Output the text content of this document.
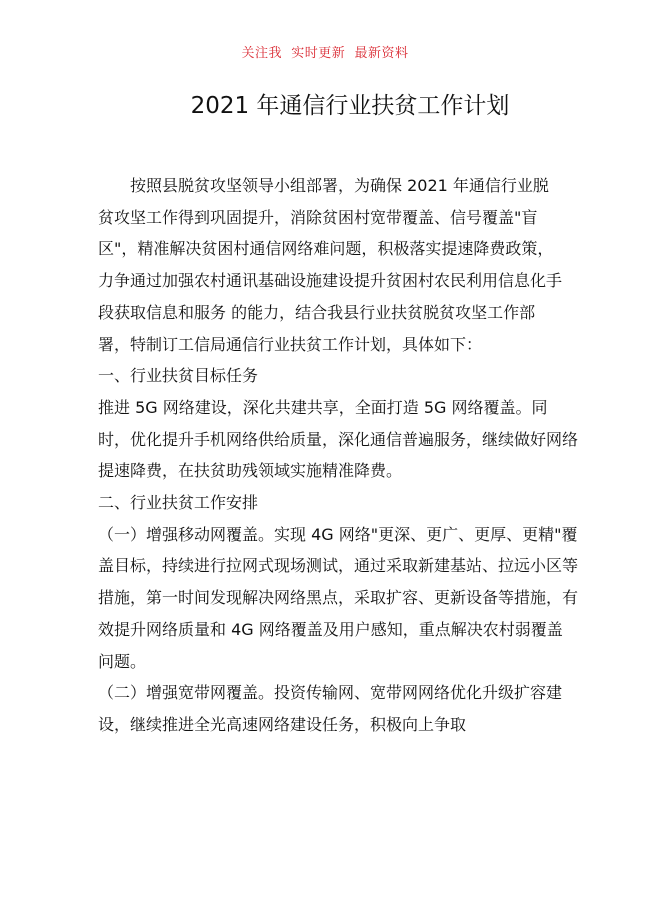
关注我  实时更新  最新资料
2021 年通信行业扶贫工作计划

按照县脱贫攻坚领导小组部署，为确保 2021 年通信行业脱贫攻坚工作得到巩固提升，消除贫困村宽带覆盖、信号覆盖"盲区"，精准解决贫困村通信网络难问题，积极落实提速降费政策，力争通过加强农村通讯基础设施建设提升贫困村农民利用信息化手段获取信息和服务 的能力，结合我县行业扶贫脱贫攻坚工作部署，特制订工信局通信行业扶贫工作计划，具体如下：

一、行业扶贫目标任务

推进 5G 网络建设，深化共建共享，全面打造 5G 网络覆盖。同时，优化提升手机网络供给质量，深化通信普遍服务，继续做好网络提速降费，在扶贫助残领域实施精准降费。

二、行业扶贫工作安排

（一）增强移动网覆盖。实现 4G 网络"更深、更广、更厚、更精"覆盖目标，持续进行拉网式现场测试，通过采取新建基站、拉远小区等措施，第一时间发现解决网络黑点，采取扩容、更新设备等措施，有效提升网络质量和 4G 网络覆盖及用户感知，重点解决农村弱覆盖问题。

（二）增强宽带网覆盖。投资传输网、宽带网网络优化升级扩容建设，继续推进全光高速网络建设任务，积极向上争取
